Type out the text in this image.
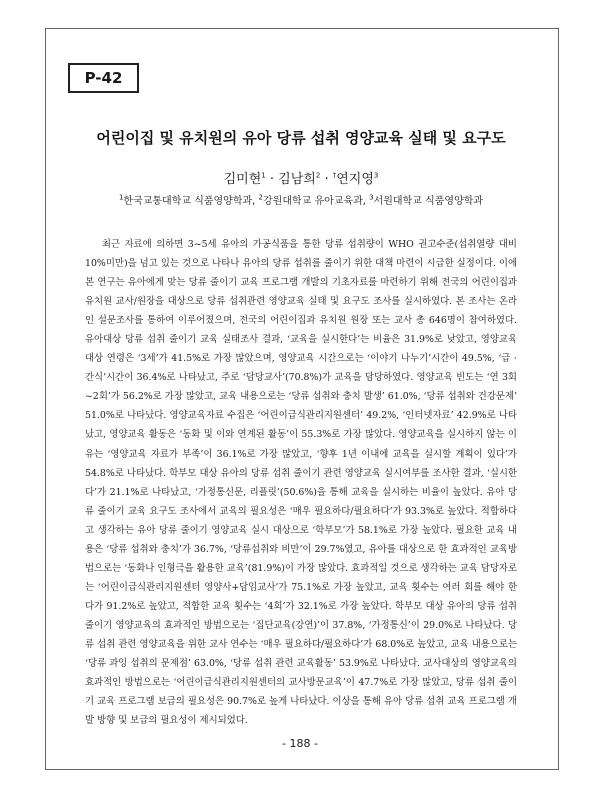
P-42
어린이집 및 유치원의 유아 당류 섭취 영양교육 실태 및 요구도
김미현$^1$ · 김남희$^2$ · †연지영$^3$
$^1$한국교통대학교 식품영양학과, $^2$강원대학교 유아교육과, $^3$서원대학교 식품영양학과

최근 자료에 의하면 3~5세 유아의 가공식품을 통한 당류 섭취량이 WHO 권고수준(섭취열량 대비 10%미만)을 넘고 있는 것으로 나타나 유아의 당류 섭취를 줄이기 위한 대책 마련이 시급한 실정이다. 이에 본 연구는 유아에게 맞는 당류 줄이기 교육 프로그램 개발의 기초자료를 마련하기 위해 전국의 어린이집과 유치원 교사/원장을 대상으로 당류 섭취관련 영양교육 실태 및 요구도 조사를 실시하였다. 본 조사는 온라인 설문조사를 통하여 이루어졌으며, 전국의 어린이집과 유치원 원장 또는 교사 총 646명이 참여하였다. 유아대상 당류 섭취 줄이기 교육 실태조사 결과, ‘교육을 실시한다’는 비율은 31.9%로 낮았고, 영양교육 대상 연령은 ‘3세’가 41.5%로 가장 많았으며, 영양교육 시간으로는 ‘이야기 나누기’시간이 49.5%, ‘급 · 간식’시간이 36.4%로 나타났고, 주로 ‘담당교사’(70.8%)가 교육을 담당하였다. 영양교육 빈도는 ‘연 3회~2회’가 56.2%로 가장 많았고, 교육 내용으로는 ‘당류 섭취와 충치 발생’ 61.0%, ‘당류 섭취와 건강문제’ 51.0%로 나타났다. 영양교육자료 수집은 ‘어린이급식관리지원센터’ 49.2%, ‘인터넷자료’ 42.9%로 나타났고, 영양교육 활동은 ‘동화 및 이와 연계된 활동’이 55.3%로 가장 많았다. 영양교육을 실시하지 않는 이유는 ‘영양교육 자료가 부족’이 36.1%로 가장 많았고, ‘향후 1년 이내에 교육을 실시할 계획이 있다’가 54.8%로 나타났다. 학부모 대상 유아의 당류 섭취 줄이기 관련 영양교육 실시여부를 조사한 결과, ‘실시한다’가 21.1%로 나타났고, ‘가정통신문, 리플릿’(50.6%)을 통해 교육을 실시하는 비율이 높았다. 유아 당류 줄이기 교육 요구도 조사에서 교육의 필요성은 ‘매우 필요하다/필요하다’가 93.3%로 높았다. 적합하다고 생각하는 유아 당류 줄이기 영양교육 실시 대상으로 ‘학부모’가 58.1%로 가장 높았다. 필요한 교육 내용은 ‘당류 섭취와 충치’가 36.7%, ‘당류섭취와 비만’이 29.7%였고, 유아를 대상으로 한 효과적인 교육방법으로는 ‘동화나 인형극을 활용한 교육’(81.9%)이 가장 많았다. 효과적일 것으로 생각하는 교육 담당자로는 ‘어린이급식관리지원센터 영양사+담임교사’가 75.1%로 가장 높았고, 교육 횟수는 여러 회를 해야 한다가 91.2%로 높았고, 적합한 교육 횟수는 ‘4회’가 32.1%로 가장 높았다. 학부모 대상 유아의 당류 섭취 줄이기 영양교육의 효과적인 방법으로는 ‘집단교육(강연)’이 37.8%, ‘가정통신’이 29.0%로 나타났다. 당류 섭취 관련 영양교육을 위한 교사 연수는 ‘매우 필요하다/필요하다’가 68.0%로 높았고, 교육 내용으로는 ‘당류 과잉 섭취의 문제점’ 63.0%, ‘당류 섭취 관련 교육활동’ 53.9%로 나타났다. 교사대상의 영양교육의 효과적인 방법으로는 ‘어린이급식관리지원센터의 교사방문교육’이 47.7%로 가장 많았고, 당류 섭취 줄이기 교육 프로그램 보급의 필요성은 90.7%로 높게 나타났다. 이상을 통해 유아 당류 섭취 교육 프로그램 개발 방향 및 보급의 필요성이 제시되었다.

- 188 -
